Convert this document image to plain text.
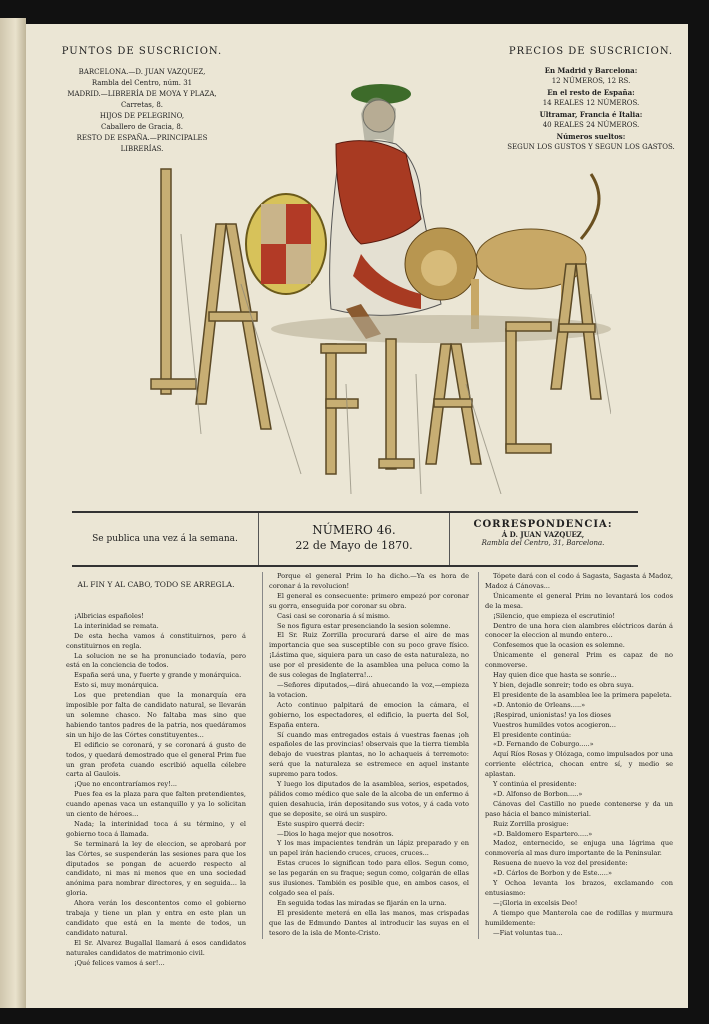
PUNTOS DE SUSCRICION.
BARCELONA.—D. JUAN VAZQUEZ,
Rambla del Centro, núm. 31
MADRID.—LIBRERÍA DE MOYA Y PLAZA,
Carretas, 8.
HIJOS DE PELEGRINO,
Caballero de Gracia, 8.
RESTO DE ESPAÑA.—PRINCIPALES
LIBRERÍAS.
PRECIOS DE SUSCRICION.
En Madrid y Barcelona:
12 NÚMEROS, 12 RS.
En el resto de España:
14 REALES 12 NÚMEROS.
Ultramar, Francia é Italia:
40 REALES 24 NÚMEROS.
Números sueltos:
SEGUN LOS GUSTOS Y SEGUN LOS GASTOS.
Se publica una vez á la semana.
NÚMERO 46.
22 de Mayo de 1870.
CORRESPONDENCIA:
Á D. JUAN VAZQUEZ,
Rambla del Centro, 31, Barcelona.

AL FIN Y AL CABO, TODO SE ARREGLA.

¡Albricias españoles!

La interinidad se remata.

De esta hecha vamos á constituirnos, pero á constituirnos en regla.

La solucion ne se ha pronunciado todavía, pero está en la conciencia de todos.

España será una, y fuerte y grande y monárquica.

Esto si, muy monárquica.

Los que pretendian que la monarquía era imposible por falta de candidato natural, se llevarán un solemne chasco. No faltaba mas sino que habiendo tantos padres de la patria, nos quedáramos sin un hijo de las Córtes constituyentes...

El edificio se coronará, y se coronará á gusto de todos, y quedará demostrado que el general Prim fue un gran profeta cuando escribió aquella célebre carta al Gaulois.

¡Que no encontraríamos rey!...

Pues fea es la plaza para que falten pretendientes, cuando apenas vaca un estanquillo y ya lo solicitan un ciento de héroes...

Nada; la interinidad toca á su término, y el gobierno toca á llamada.

Se terminará la ley de eleccion, se aprobará por las Córtes, se suspenderán las sesiones para que los diputados se pongan de acuerdo respecto al candidato, ni mas ni menos que en una sociedad anónima para nombrar directores, y en seguida... la gloria.

Ahora verán los descontentos como el gobierno trabaja y tiene un plan y entra en este plan un candidato que está en la mente de todos, un candidato natural.

El Sr. Alvarez Bugallal llamará á esos candidatos naturales candidatos de matrimonio civil.

¡Qué felices vamos á ser!...

Porque el general Prim lo ha dicho.—Ya es hora de coronar á la revolucion!

El general es consecuente: primero empezó por coronar su gorra, enseguida por coronar su obra.

Casi casi se coronaria á sí mismo.

Se nos figura estar presenciando la sesion solemne.

El Sr. Ruiz Zorrilla procurará darse el aire de mas importancia que sea susceptible con su poco grave físico. ¡Lástima que, siquiera para un caso de esta naturaleza, no use por el presidente de la asamblea una peluca como la de sus colegas de Inglaterra!...

—Señores diputados,—dirá ahuecando la voz,—empieza la votacion.

Acto continuo palpitará de emocion la cámara, el gobierno, los espectadores, el edificio, la puerta del Sol, España entera.

Sí cuando mas entregados estais á vuestras faenas ¡oh españoles de las provincias! observais que la tierra tiembla debajo de vuestras plantas, no lo achaqueis á terremoto: será que la naturaleza se estremece en aquel instante supremo para todos.

Y luego los diputados de la asamblea, serios, espetados, pálidos como médico que sale de la alcoba de un enfermo á quien desahucia, irán depositando sus votos, y á cada voto que se deposite, se oirá un suspiro.

Este suspiro querrá decir:

—Dios lo haga mejor que nosotros.

Y los mas impacientes tendrán un lápiz preparado y en un papel irán haciendo cruces, cruces, cruces...

Estas cruces lo significan todo para ellos. Segun como, se las pegarán en su fraque; segun como, colgarán de ellas sus ilusiones. También es posible que, en ambos casos, el colgado sea el país.

En seguida todas las miradas se fijarán en la urna.

El presidente meterá en ella las manos, mas crispadas que las de Edmundo Dantes al introducir las suyas en el tesoro de la isla de Monte-Cristo.

Tópete dará con el codo á Sagasta, Sagasta á Madoz, Madoz á Cánovas...

Únicamente el general Prim no levantará los codos de la mesa.

¡Silencio, que empieza el escrutinio!

Dentro de una hora cien alambres eléctricos darán á conocer la eleccion al mundo entero...

Confesemos que la ocasion es solemne.

Únicamente el general Prim es capaz de no conmoverse.

Hay quien dice que hasta se sonríe...

Y bien, dejadle sonreir; todo es obra suya.

El presidente de la asamblea lee la primera papeleta.

«D. Antonio de Orleans.....»

¡Respirad, unionistas! ya los dioses

Vuestros humildes votos acogieron...

El presidente continúa:

«D. Fernando de Coburgo.....»

Aquí Ríos Rosas y Olózaga, como impulsados por una corriente eléctrica, chocan entre sí, y medio se aplastan.

Y continúa el presidente:

«D. Alfonso de Borbon.....»

Cánovas del Castillo no puede contenerse y da un paso hácia el banco ministerial.

Ruiz Zorrilla prosigue:

«D. Baldomero Espartero.....»

Madoz, enternecido, se enjuga una lágrima que conmovería al mas duro importante de la Peninsular.

Resuena de nuevo la voz del presidente:

«D. Cárlos de Borbon y de Este.....»

Y Ochoa levanta los brazos, exclamando con entusiasmo:

—¡Gloria in excelsis Deo!

A tiempo que Manterola cae de rodillas y murmura humildemente:

—Fiat voluntas tua...
